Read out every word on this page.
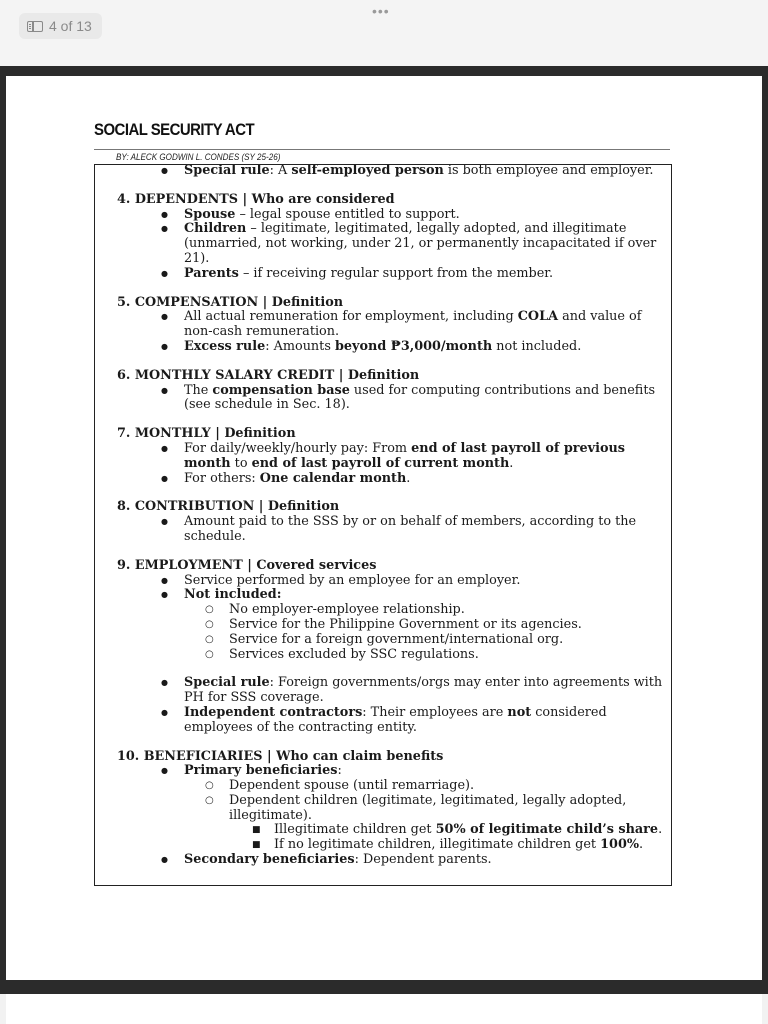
4 of 13
•••
SOCIAL SECURITY ACT
BY: ALECK GODWIN L. CONDES (SY 25-26)
● Special rule: A self-employed person is both employee and employer.
4. DEPENDENTS | Who are considered
● Spouse – legal spouse entitled to support.
● Children – legitimate, legitimated, legally adopted, and illegitimate (unmarried, not working, under 21, or permanently incapacitated if over 21).
● Parents – if receiving regular support from the member.
5. COMPENSATION | Definition
● All actual remuneration for employment, including COLA and value of non-cash remuneration.
● Excess rule: Amounts beyond ₱3,000/month not included.
6. MONTHLY SALARY CREDIT | Definition
● The compensation base used for computing contributions and benefits (see schedule in Sec. 18).
7. MONTHLY | Definition
● For daily/weekly/hourly pay: From end of last payroll of previous month to end of last payroll of current month.
● For others: One calendar month.
8. CONTRIBUTION | Definition
● Amount paid to the SSS by or on behalf of members, according to the schedule.
9. EMPLOYMENT | Covered services
● Service performed by an employee for an employer.
● Not included:
○ No employer-employee relationship.
○ Service for the Philippine Government or its agencies.
○ Service for a foreign government/international org.
○ Services excluded by SSC regulations.
● Special rule: Foreign governments/orgs may enter into agreements with PH for SSS coverage.
● Independent contractors: Their employees are not considered employees of the contracting entity.
10. BENEFICIARIES | Who can claim benefits
● Primary beneficiaries:
○ Dependent spouse (until remarriage).
○ Dependent children (legitimate, legitimated, legally adopted, illegitimate).
■ Illegitimate children get 50% of legitimate child’s share.
■ If no legitimate children, illegitimate children get 100%.
● Secondary beneficiaries: Dependent parents.
